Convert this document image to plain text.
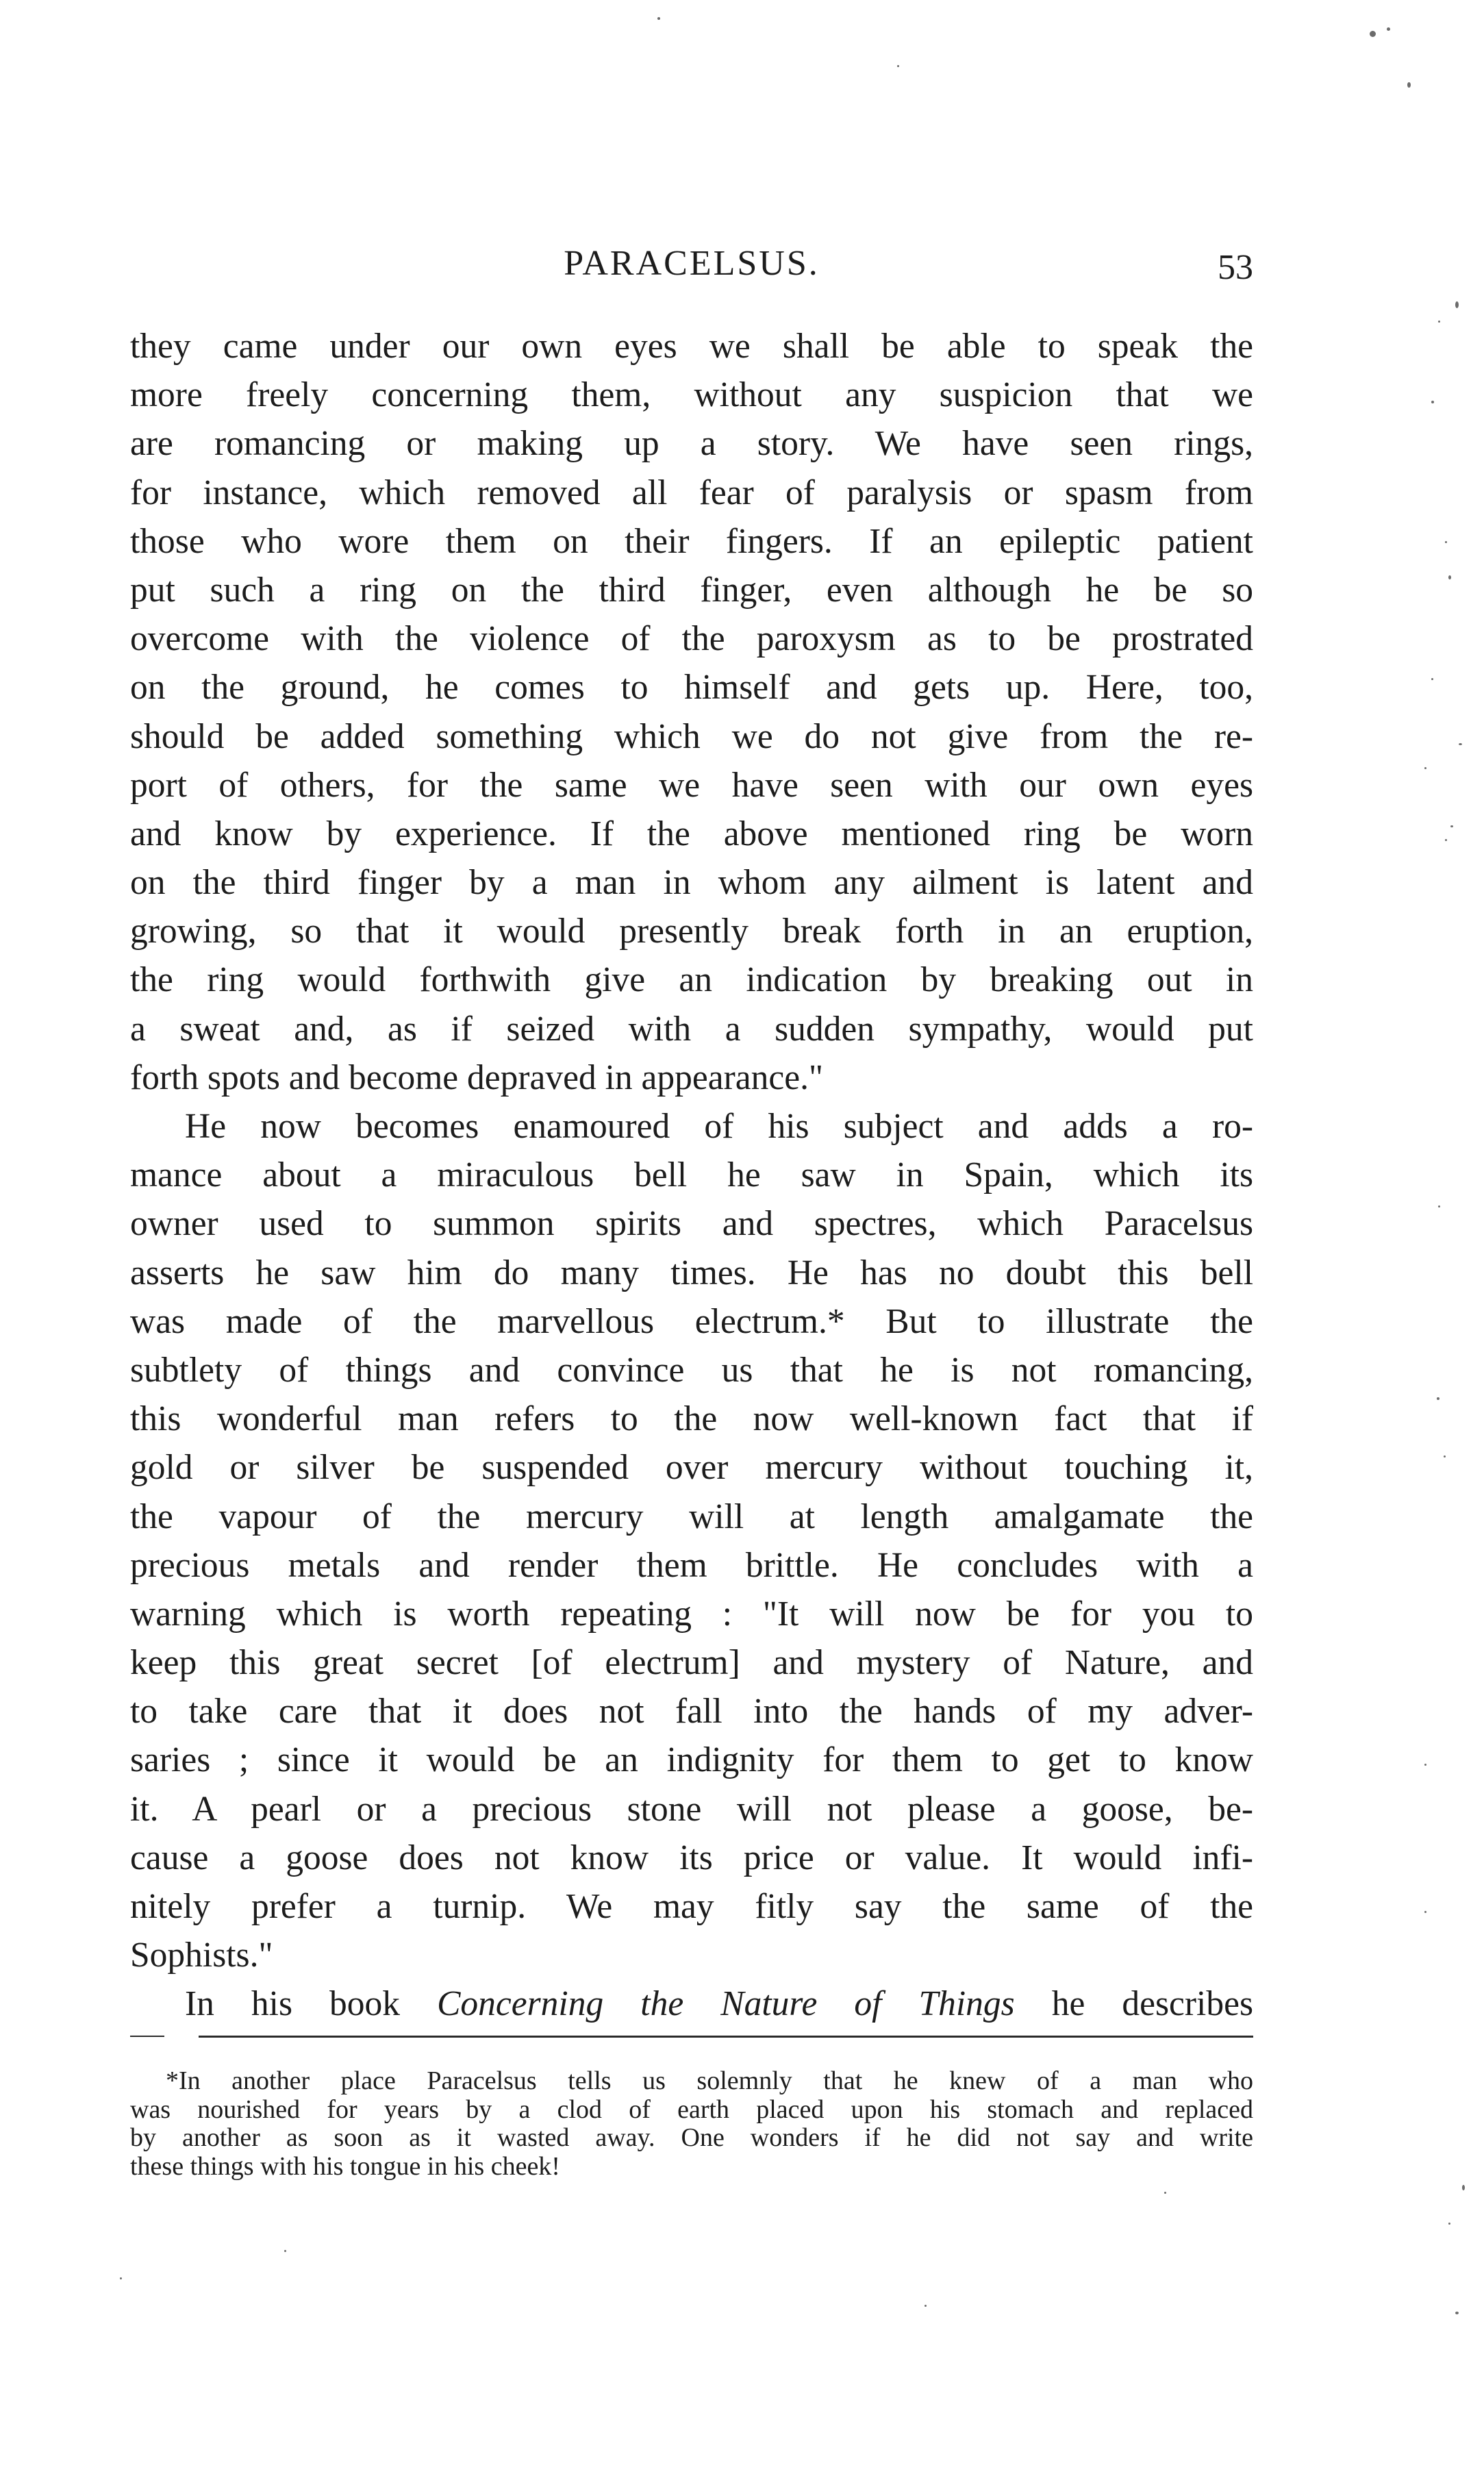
PARACELSUS.	53
they came under our own eyes we shall be able to speak the
more freely concerning them, without any suspicion that we
are romancing or making up a story. We have seen rings,
for instance, which removed all fear of paralysis or spasm from
those who wore them on their fingers. If an epileptic patient
put such a ring on the third finger, even although he be so
overcome with the violence of the paroxysm as to be prostrated
on the ground, he comes to himself and gets up. Here, too,
should be added something which we do not give from the re-
port of others, for the same we have seen with our own eyes
and know by experience. If the above mentioned ring be worn
on the third finger by a man in whom any ailment is latent and
growing, so that it would presently break forth in an eruption,
the ring would forthwith give an indication by breaking out in
a sweat and, as if seized with a sudden sympathy, would put
forth spots and become depraved in appearance."
He now becomes enamoured of his subject and adds a ro-
mance about a miraculous bell he saw in Spain, which its
owner used to summon spirits and spectres, which Paracelsus
asserts he saw him do many times. He has no doubt this bell
was made of the marvellous electrum.* But to illustrate the
subtlety of things and convince us that he is not romancing,
this wonderful man refers to the now well-known fact that if
gold or silver be suspended over mercury without touching it,
the vapour of the mercury will at length amalgamate the
precious metals and render them brittle. He concludes with a
warning which is worth repeating : "It will now be for you to
keep this great secret [of electrum] and mystery of Nature, and
to take care that it does not fall into the hands of my adver-
saries ; since it would be an indignity for them to get to know
it. A pearl or a precious stone will not please a goose, be-
cause a goose does not know its price or value. It would infi-
nitely prefer a turnip. We may fitly say the same of the
Sophists."
In his book Concerning the Nature of Things he describes
*In another place Paracelsus tells us solemnly that he knew of a man who
was nourished for years by a clod of earth placed upon his stomach and replaced
by another as soon as it wasted away. One wonders if he did not say and write
these things with his tongue in his cheek!
